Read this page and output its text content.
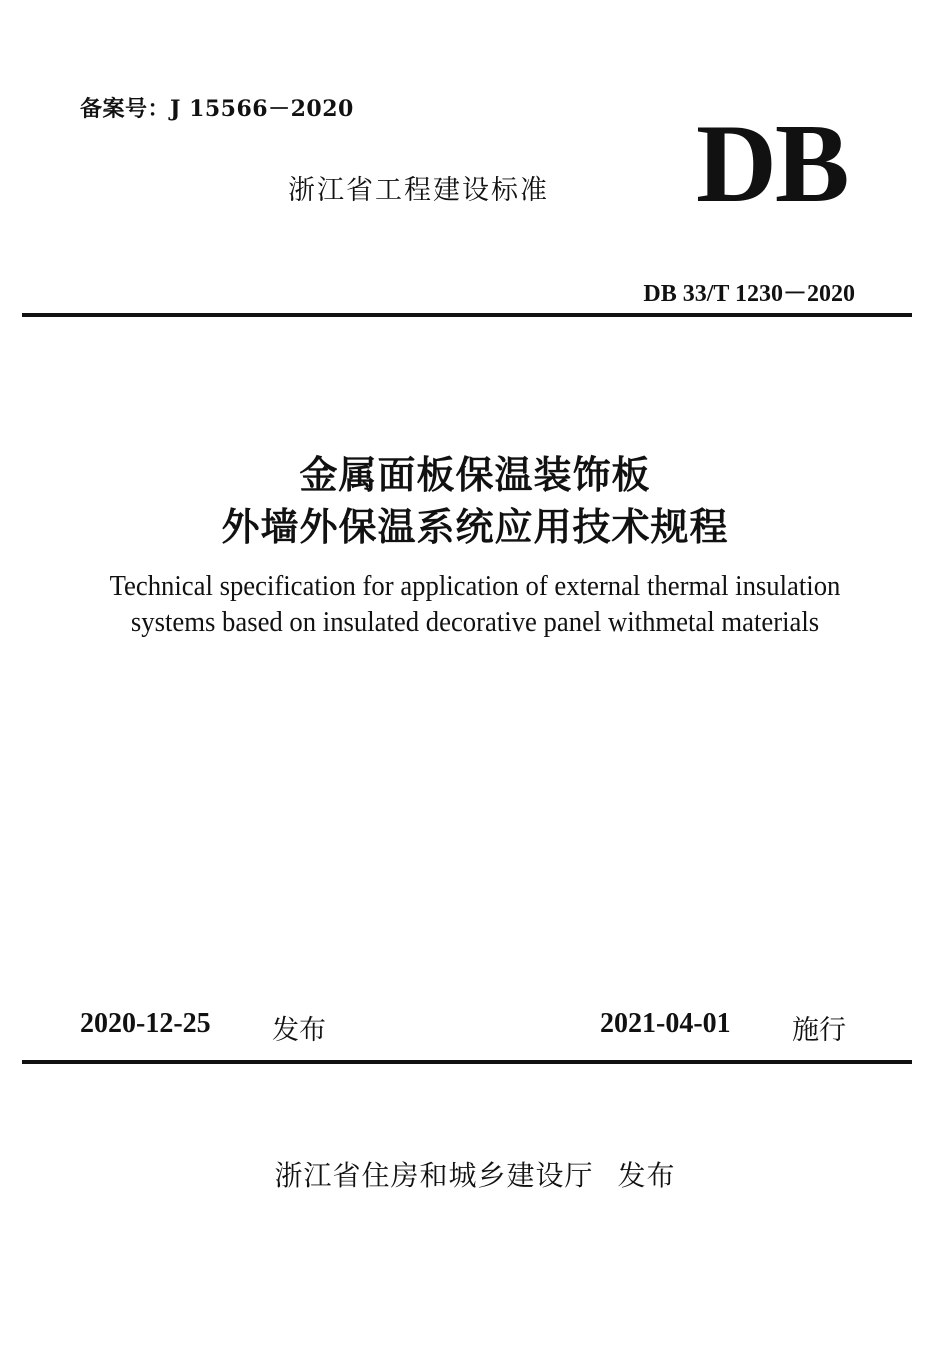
备案号：J 15566－2020
浙江省工程建设标准 DB
DB 33/T 1230－2020
金属面板保温装饰板
外墙外保温系统应用技术规程
Technical specification for application of external thermal insulation
systems based on insulated decorative panel withmetal materials
2020-12-25 发布	2021-04-01 施行
浙江省住房和城乡建设厅 发布
